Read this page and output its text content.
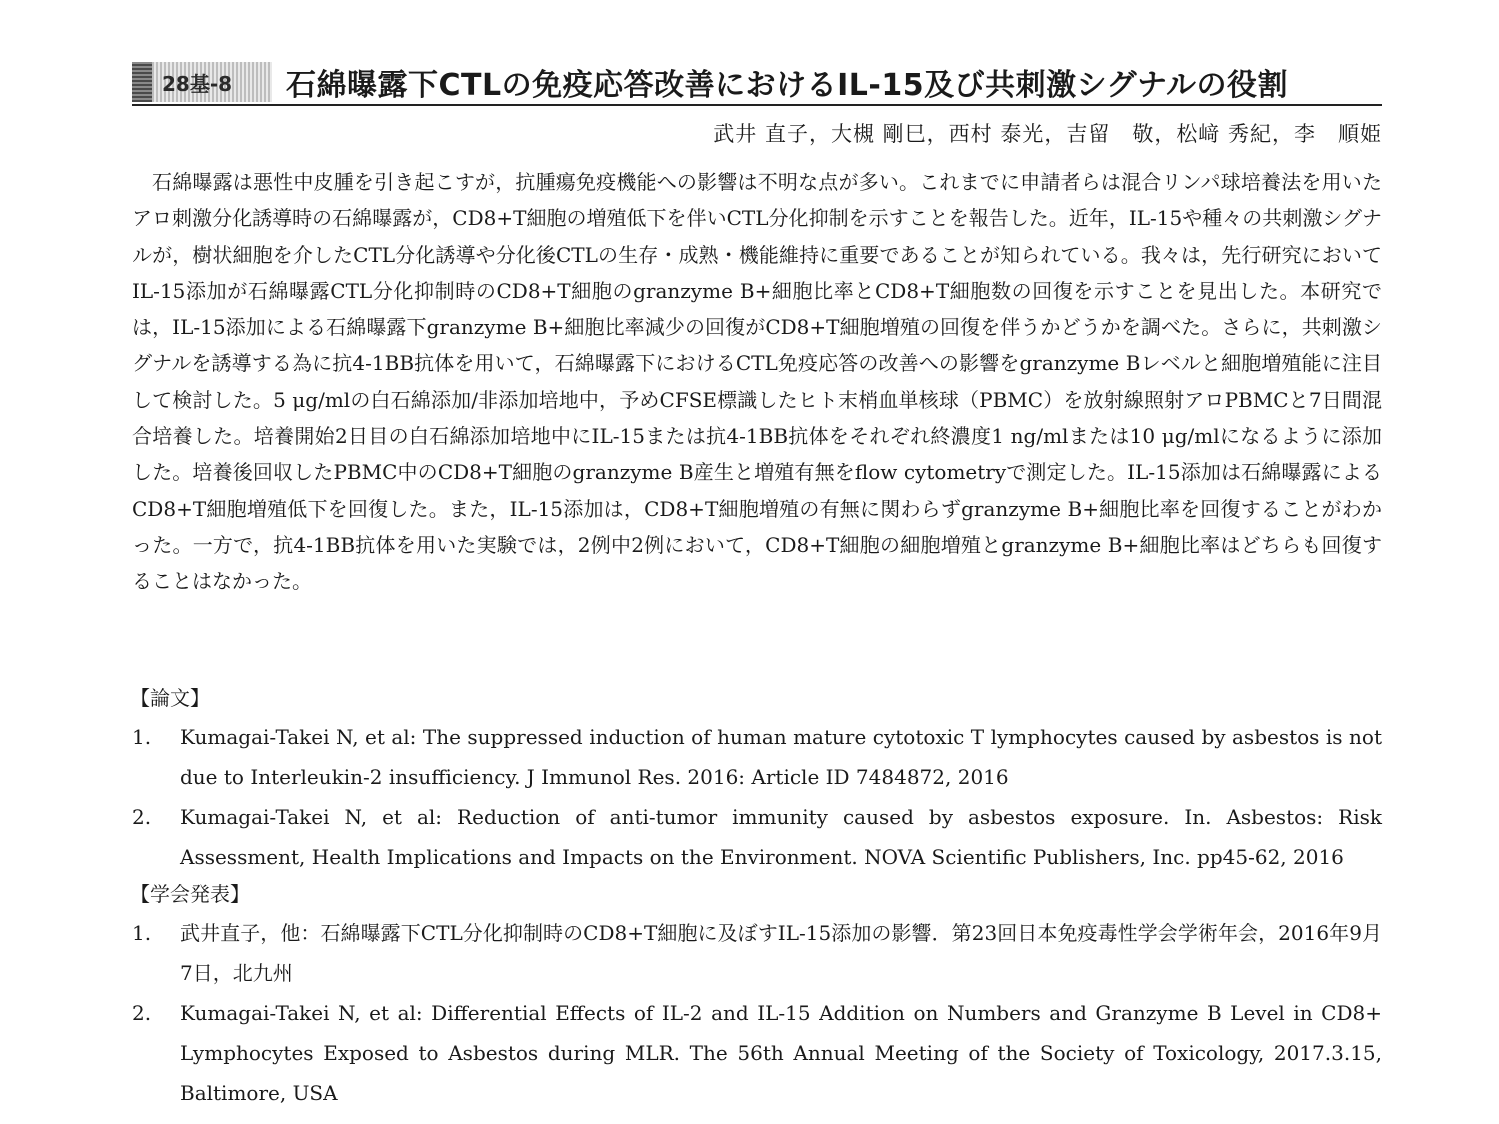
28基-8 石綿曝露下CTLの免疫応答改善におけるIL-15及び共刺激シグナルの役割
武井 直子，大槻 剛巳，西村 泰光，吉留　敬，松﨑 秀紀，李　順姫

石綿曝露は悪性中皮腫を引き起こすが，抗腫瘍免疫機能への影響は不明な点が多い。これまでに申請者らは混合リンパ球培養法を用いたアロ刺激分化誘導時の石綿曝露が，CD8+T細胞の増殖低下を伴いCTL分化抑制を示すことを報告した。近年，IL-15や種々の共刺激シグナルが，樹状細胞を介したCTL分化誘導や分化後CTLの生存・成熟・機能維持に重要であることが知られている。我々は，先行研究においてIL-15添加が石綿曝露CTL分化抑制時のCD8+T細胞のgranzyme B+細胞比率とCD8+T細胞数の回復を示すことを見出した。本研究では，IL-15添加による石綿曝露下granzyme B+細胞比率減少の回復がCD8+T細胞増殖の回復を伴うかどうかを調べた。さらに，共刺激シグナルを誘導する為に抗4-1BB抗体を用いて，石綿曝露下におけるCTL免疫応答の改善への影響をgranzyme Bレベルと細胞増殖能に注目して検討した。5 μg/mlの白石綿添加/非添加培地中，予めCFSE標識したヒト末梢血単核球（PBMC）を放射線照射アロPBMCと7日間混合培養した。培養開始2日目の白石綿添加培地中にIL-15または抗4-1BB抗体をそれぞれ終濃度1 ng/mlまたは10 μg/mlになるように添加した。培養後回収したPBMC中のCD8+T細胞のgranzyme B産生と増殖有無をflow cytometryで測定した。IL-15添加は石綿曝露によるCD8+T細胞増殖低下を回復した。また，IL-15添加は，CD8+T細胞増殖の有無に関わらずgranzyme B+細胞比率を回復することがわかった。一方で，抗4-1BB抗体を用いた実験では，2例中2例において，CD8+T細胞の細胞増殖とgranzyme B+細胞比率はどちらも回復することはなかった。

【論文】
1.	Kumagai-Takei N, et al: The suppressed induction of human mature cytotoxic T lymphocytes caused by asbestos is not due to Interleukin-2 insufficiency. J Immunol Res. 2016: Article ID 7484872, 2016
2.	Kumagai-Takei N, et al: Reduction of anti-tumor immunity caused by asbestos exposure. In. Asbestos: Risk Assessment, Health Implications and Impacts on the Environment. NOVA Scientific Publishers, Inc. pp45-62, 2016
【学会発表】
1.	武井直子，他：石綿曝露下CTL分化抑制時のCD8+T細胞に及ぼすIL-15添加の影響．第23回日本免疫毒性学会学術年会，2016年9月7日，北九州
2.	Kumagai-Takei N, et al: Differential Effects of IL-2 and IL-15 Addition on Numbers and Granzyme B Level in CD8+ Lymphocytes Exposed to Asbestos during MLR. The 56th Annual Meeting of the Society of Toxicology, 2017.3.15, Baltimore, USA
